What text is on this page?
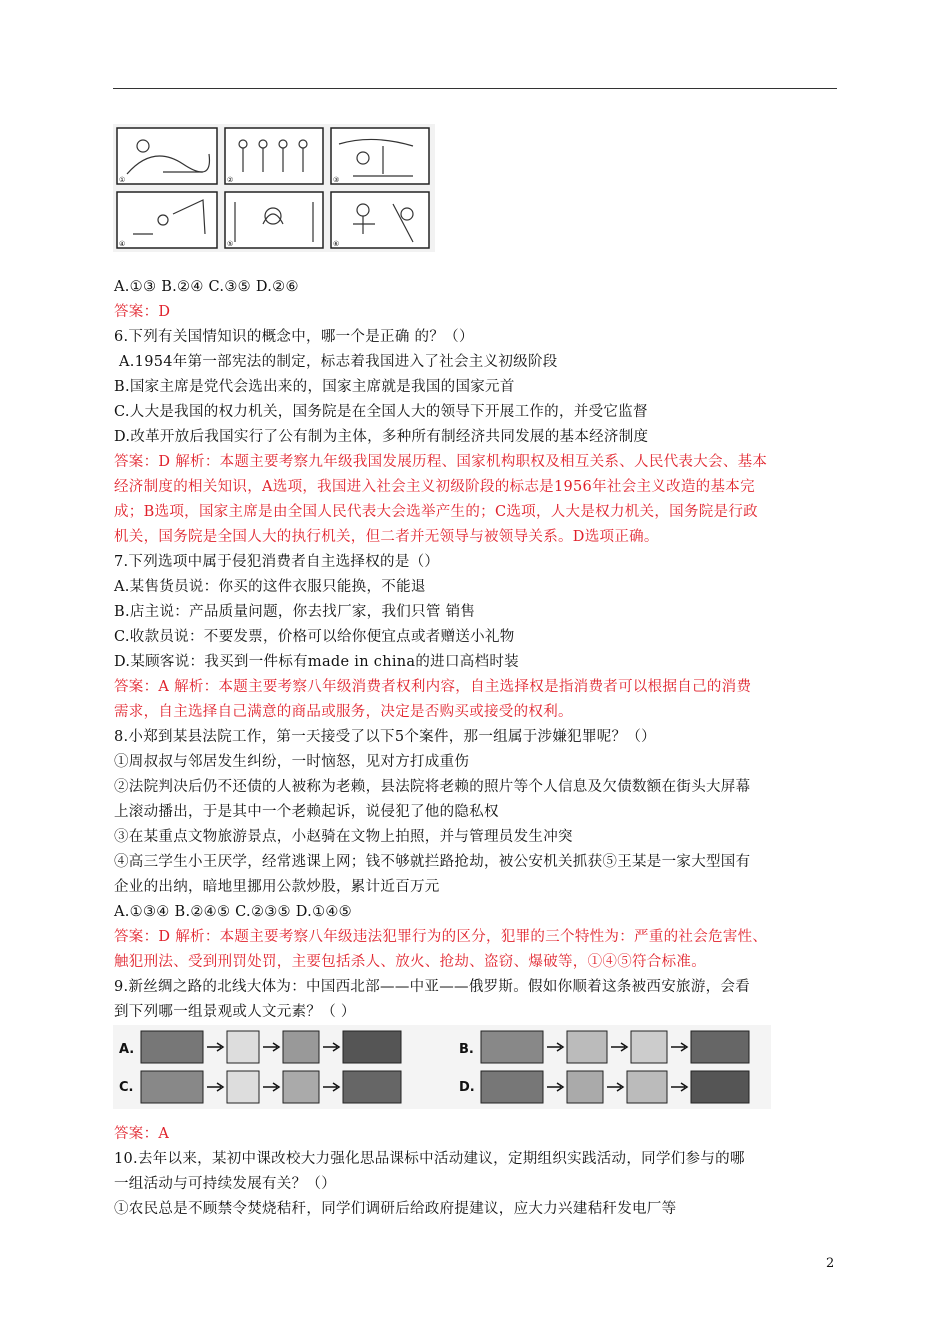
①	②	③
④	⑤	⑥
A.①③ B.②④ C.③⑤ D.②⑥
答案：D
6.下列有关国情知识的概念中，哪一个是正确 的？（）
A.1954年第一部宪法的制定，标志着我国进入了社会主义初级阶段
B.国家主席是党代会选出来的，国家主席就是我国的国家元首
C.人大是我国的权力机关，国务院是在全国人大的领导下开展工作的，并受它监督
D.改革开放后我国实行了公有制为主体，多种所有制经济共同发展的基本经济制度
答案：D 解析：本题主要考察九年级我国发展历程、国家机构职权及相互关系、人民代表大会、基本
经济制度的相关知识，A选项，我国进入社会主义初级阶段的标志是1956年社会主义改造的基本完
成；B选项，国家主席是由全国人民代表大会选举产生的；C选项，人大是权力机关，国务院是行政
机关，国务院是全国人大的执行机关，但二者并无领导与被领导关系。D选项正确。
7.下列选项中属于侵犯消费者自主选择权的是（）
A.某售货员说：你买的这件衣服只能换，不能退
B.店主说：产品质量问题，你去找厂家，我们只管 销售
C.收款员说：不要发票，价格可以给你便宜点或者赠送小礼物
D.某顾客说：我买到一件标有made in china的进口高档时装
答案：A 解析：本题主要考察八年级消费者权利内容，自主选择权是指消费者可以根据自己的消费
需求，自主选择自己满意的商品或服务，决定是否购买或接受的权利。
8.小郑到某县法院工作，第一天接受了以下5个案件，那一组属于涉嫌犯罪呢？（）
①周叔叔与邻居发生纠纷，一时恼怒，见对方打成重伤
②法院判决后仍不还债的人被称为老赖，县法院将老赖的照片等个人信息及欠债数额在街头大屏幕
上滚动播出，于是其中一个老赖起诉，说侵犯了他的隐私权
③在某重点文物旅游景点，小赵骑在文物上拍照，并与管理员发生冲突
④高三学生小王厌学，经常逃课上网；钱不够就拦路抢劫，被公安机关抓获⑤王某是一家大型国有
企业的出纳，暗地里挪用公款炒股，累计近百万元
A.①③④ B.②④⑤ C.②③⑤ D.①④⑤
答案：D 解析：本题主要考察八年级违法犯罪行为的区分，犯罪的三个特性为：严重的社会危害性、
触犯刑法、受到刑罚处罚，主要包括杀人、放火、抢劫、盗窃、爆破等，①④⑤符合标准。
9.新丝绸之路的北线大体为：中国西北部——中亚——俄罗斯。假如你顺着这条被西安旅游，会看
到下列哪一组景观或人文元素？（ ）
A.	B.
C.	D.
答案：A
10.去年以来，某初中课改校大力强化思品课标中活动建议，定期组织实践活动，同学们参与的哪
一组活动与可持续发展有关？（）
①农民总是不顾禁令焚烧秸秆，同学们调研后给政府提建议，应大力兴建秸秆发电厂等
2
